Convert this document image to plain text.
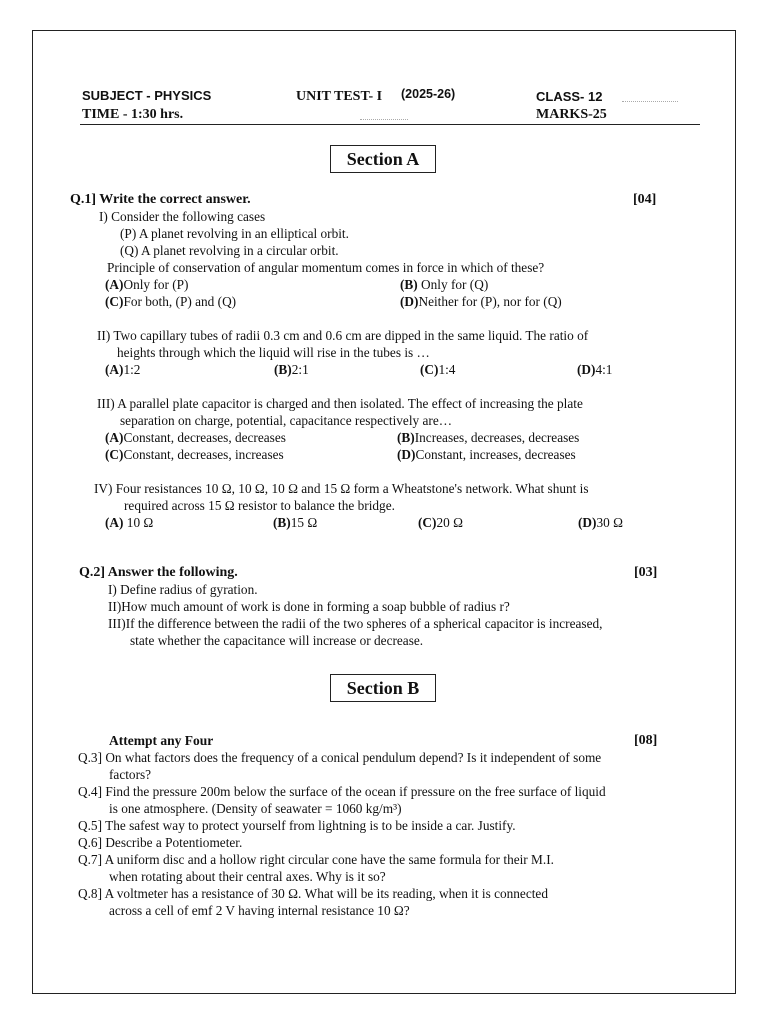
SUBJECT - PHYSICS	UNIT TEST- I (2025-26)	CLASS- 12
TIME - 1:30 hrs.	MARKS-25
Section A
Q.1] Write the correct answer.	[04]
I) Consider the following cases
(P) A planet revolving in an elliptical orbit.
(Q) A planet revolving in a circular orbit.
Principle of conservation of angular momentum comes in force in which of these?
(A)Only for (P)	(B) Only for (Q)
(C)For both, (P) and (Q)	(D)Neither for (P), nor for (Q)
II) Two capillary tubes of radii 0.3 cm and 0.6 cm are dipped in the same liquid. The ratio of
heights through which the liquid will rise in the tubes is …
(A)1:2	(B)2:1	(C)1:4	(D)4:1
III) A parallel plate capacitor is charged and then isolated. The effect of increasing the plate
separation on charge, potential, capacitance respectively are…
(A)Constant, decreases, decreases	(B)Increases, decreases, decreases
(C)Constant, decreases, increases	(D)Constant, increases, decreases
IV) Four resistances 10 Ω, 10 Ω, 10 Ω and 15 Ω form a Wheatstone's network. What shunt is
required across 15 Ω resistor to balance the bridge.
(A) 10 Ω	(B)15 Ω	(C)20 Ω	(D)30 Ω
Q.2] Answer the following.	[03]
I) Define radius of gyration.
II)How much amount of work is done in forming a soap bubble of radius r?
III)If the difference between the radii of the two spheres of a spherical capacitor is increased,
state whether the capacitance will increase or decrease.
Section B
Attempt any Four	[08]
Q.3] On what factors does the frequency of a conical pendulum depend? Is it independent of some
factors?
Q.4] Find the pressure 200m below the surface of the ocean if pressure on the free surface of liquid
is one atmosphere. (Density of seawater = 1060 kg/m³)
Q.5] The safest way to protect yourself from lightning is to be inside a car. Justify.
Q.6] Describe a Potentiometer.
Q.7] A uniform disc and a hollow right circular cone have the same formula for their M.I.
when rotating about their central axes. Why is it so?
Q.8] A voltmeter has a resistance of 30 Ω. What will be its reading, when it is connected
across a cell of emf 2 V having internal resistance 10 Ω?
